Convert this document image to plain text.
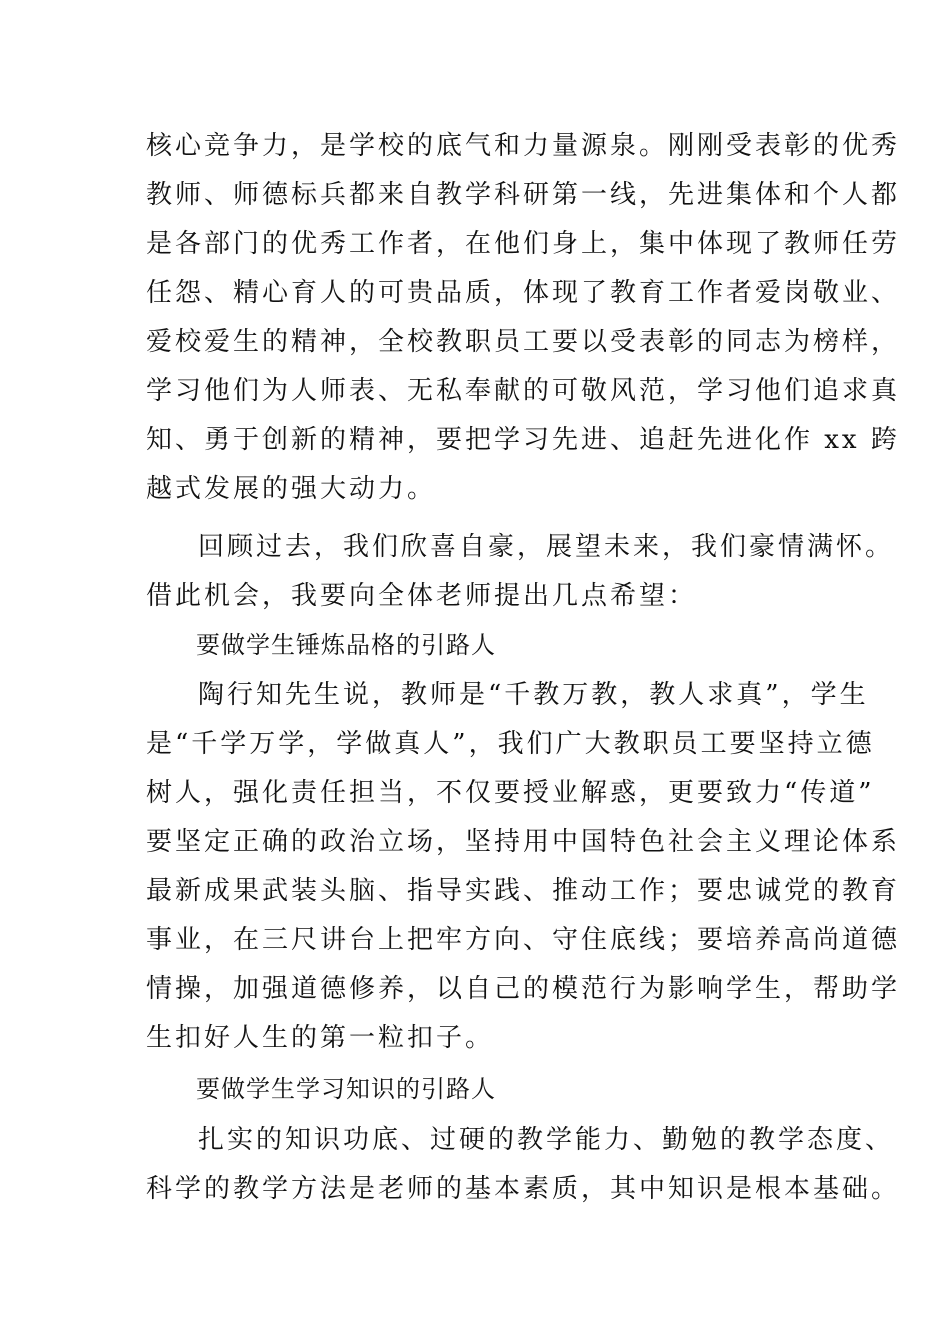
核心竞争力，是学校的底气和力量源泉。刚刚受表彰的优秀
教师、师德标兵都来自教学科研第一线，先进集体和个人都
是各部门的优秀工作者，在他们身上，集中体现了教师任劳
任怨、精心育人的可贵品质，体现了教育工作者爱岗敬业、
爱校爱生的精神，全校教职员工要以受表彰的同志为榜样，
学习他们为人师表、无私奉献的可敬风范，学习他们追求真
知、勇于创新的精神，要把学习先进、追赶先进化作 xx 跨
越式发展的强大动力。
回顾过去，我们欣喜自豪，展望未来，我们豪情满怀。
借此机会，我要向全体老师提出几点希望：
要做学生锤炼品格的引路人
陶行知先生说，教师是“千教万教，教人求真”，学生
是“千学万学，学做真人”，我们广大教职员工要坚持立德
树人，强化责任担当，不仅要授业解惑，更要致力“传道”
要坚定正确的政治立场，坚持用中国特色社会主义理论体系
最新成果武装头脑、指导实践、推动工作；要忠诚党的教育
事业，在三尺讲台上把牢方向、守住底线；要培养高尚道德
情操，加强道德修养，以自己的模范行为影响学生，帮助学
生扣好人生的第一粒扣子。
要做学生学习知识的引路人
扎实的知识功底、过硬的教学能力、勤勉的教学态度、
科学的教学方法是老师的基本素质，其中知识是根本基础。
